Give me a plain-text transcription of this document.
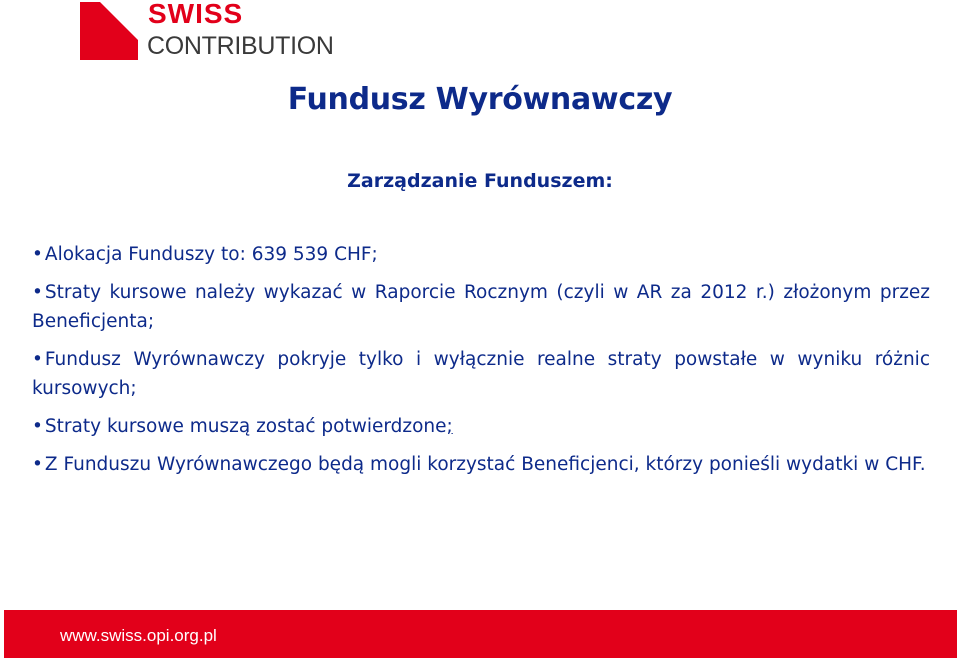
SWISS
CONTRIBUTION
Fundusz Wyrównawczy
Zarządzanie Funduszem:
• Alokacja Funduszy to: 639 539 CHF;
• Straty kursowe należy wykazać w Raporcie Rocznym (czyli w AR za 2012 r.) złożonym przez Beneficjenta;
• Fundusz Wyrównawczy pokryje tylko i wyłącznie realne straty powstałe w wyniku różnic kursowych;
• Straty kursowe muszą zostać potwierdzone;
• Z Funduszu Wyrównawczego będą mogli korzystać Beneficjenci, którzy ponieśli wydatki w CHF.
www.swiss.opi.org.pl
